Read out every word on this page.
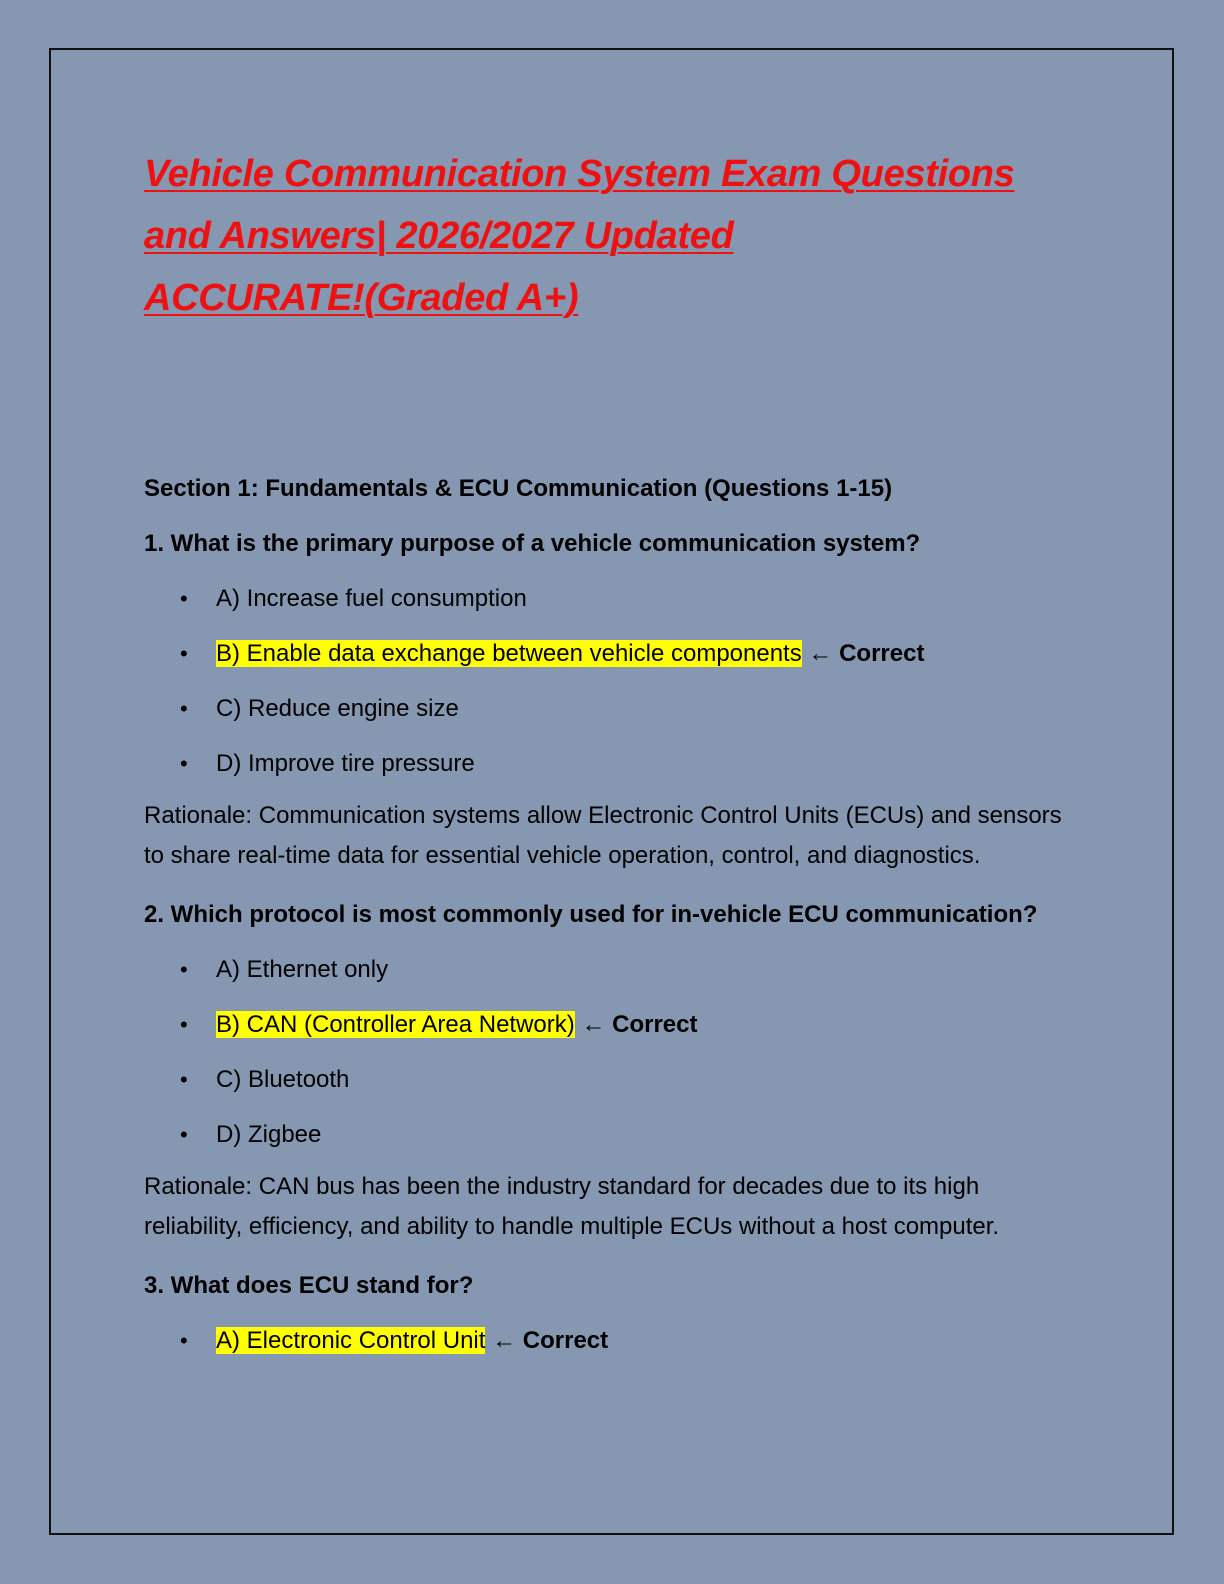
Vehicle Communication System Exam Questions
and Answers| 2026/2027 Updated
ACCURATE!(Graded A+)

Section 1: Fundamentals & ECU Communication (Questions 1-15)

1. What is the primary purpose of a vehicle communication system?

• A) Increase fuel consumption
• B) Enable data exchange between vehicle components ← Correct
• C) Reduce engine size
• D) Improve tire pressure

Rationale: Communication systems allow Electronic Control Units (ECUs) and sensors to share real-time data for essential vehicle operation, control, and diagnostics.

2. Which protocol is most commonly used for in-vehicle ECU communication?

• A) Ethernet only
• B) CAN (Controller Area Network) ← Correct
• C) Bluetooth
• D) Zigbee

Rationale: CAN bus has been the industry standard for decades due to its high reliability, efficiency, and ability to handle multiple ECUs without a host computer.

3. What does ECU stand for?

• A) Electronic Control Unit ← Correct
